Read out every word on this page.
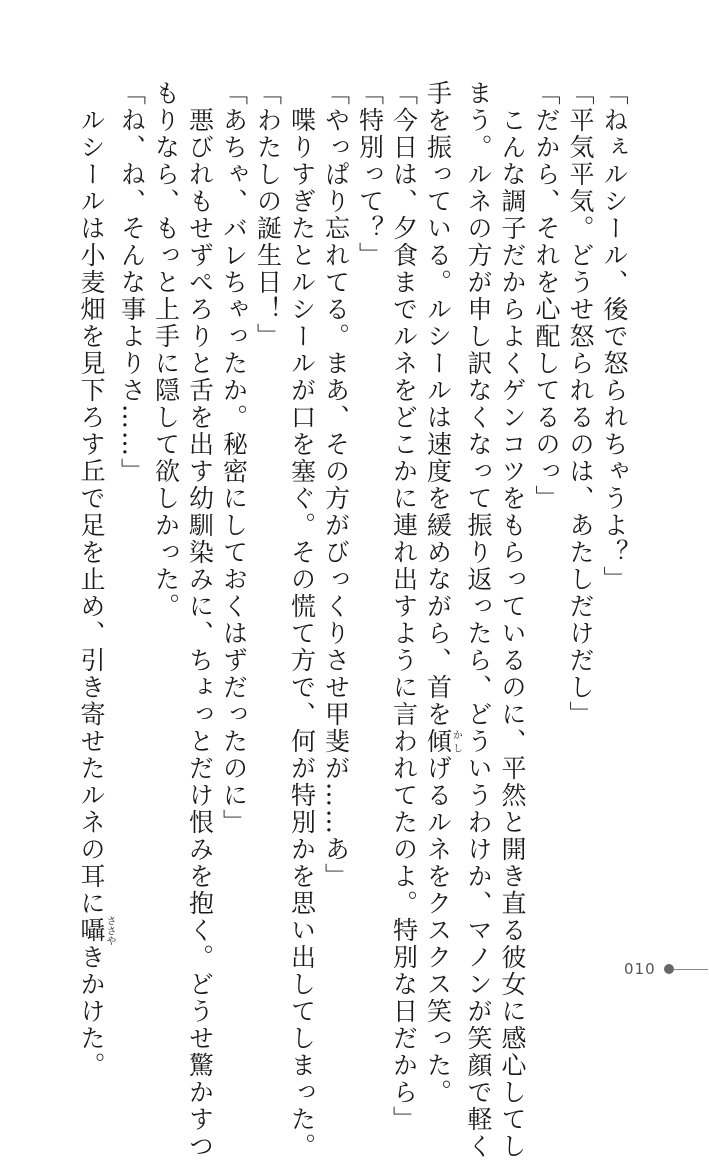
「ねぇルシール、後で怒られちゃうよ？」
「平気平気。どうせ怒られるのは、あたしだけだし」
「だから、それを心配してるのっ」
　こんな調子だからよくゲンコツをもらっているのに、平然と開き直る彼女に感心してし
まう。ルネの方が申し訳なくなって振り返ったら、どういうわけか、マノンが笑顔で軽く
手を振っている。ルシールは速度を緩めながら、首を傾かしげるルネをクスクス笑った。
「今日は、夕食までルネをどこかに連れ出すように言われてたのよ。特別な日だから」
「特別って？」
「やっぱり忘れてる。まあ、その方がびっくりさせ甲斐が……あ」
　喋りすぎたとルシールが口を塞ぐ。その慌て方で、何が特別かを思い出してしまった。
「わたしの誕生日！」
「あちゃ、バレちゃったか。秘密にしておくはずだったのに」
　悪びれもせずぺろりと舌を出す幼馴染みに、ちょっとだけ恨みを抱く。どうせ驚かすつ
もりなら、もっと上手に隠して欲しかった。
「ね、ね、そんな事よりさ……」
　ルシールは小麦畑を見下ろす丘で足を止め、引き寄せたルネの耳に囁ささやきかけた。	010
